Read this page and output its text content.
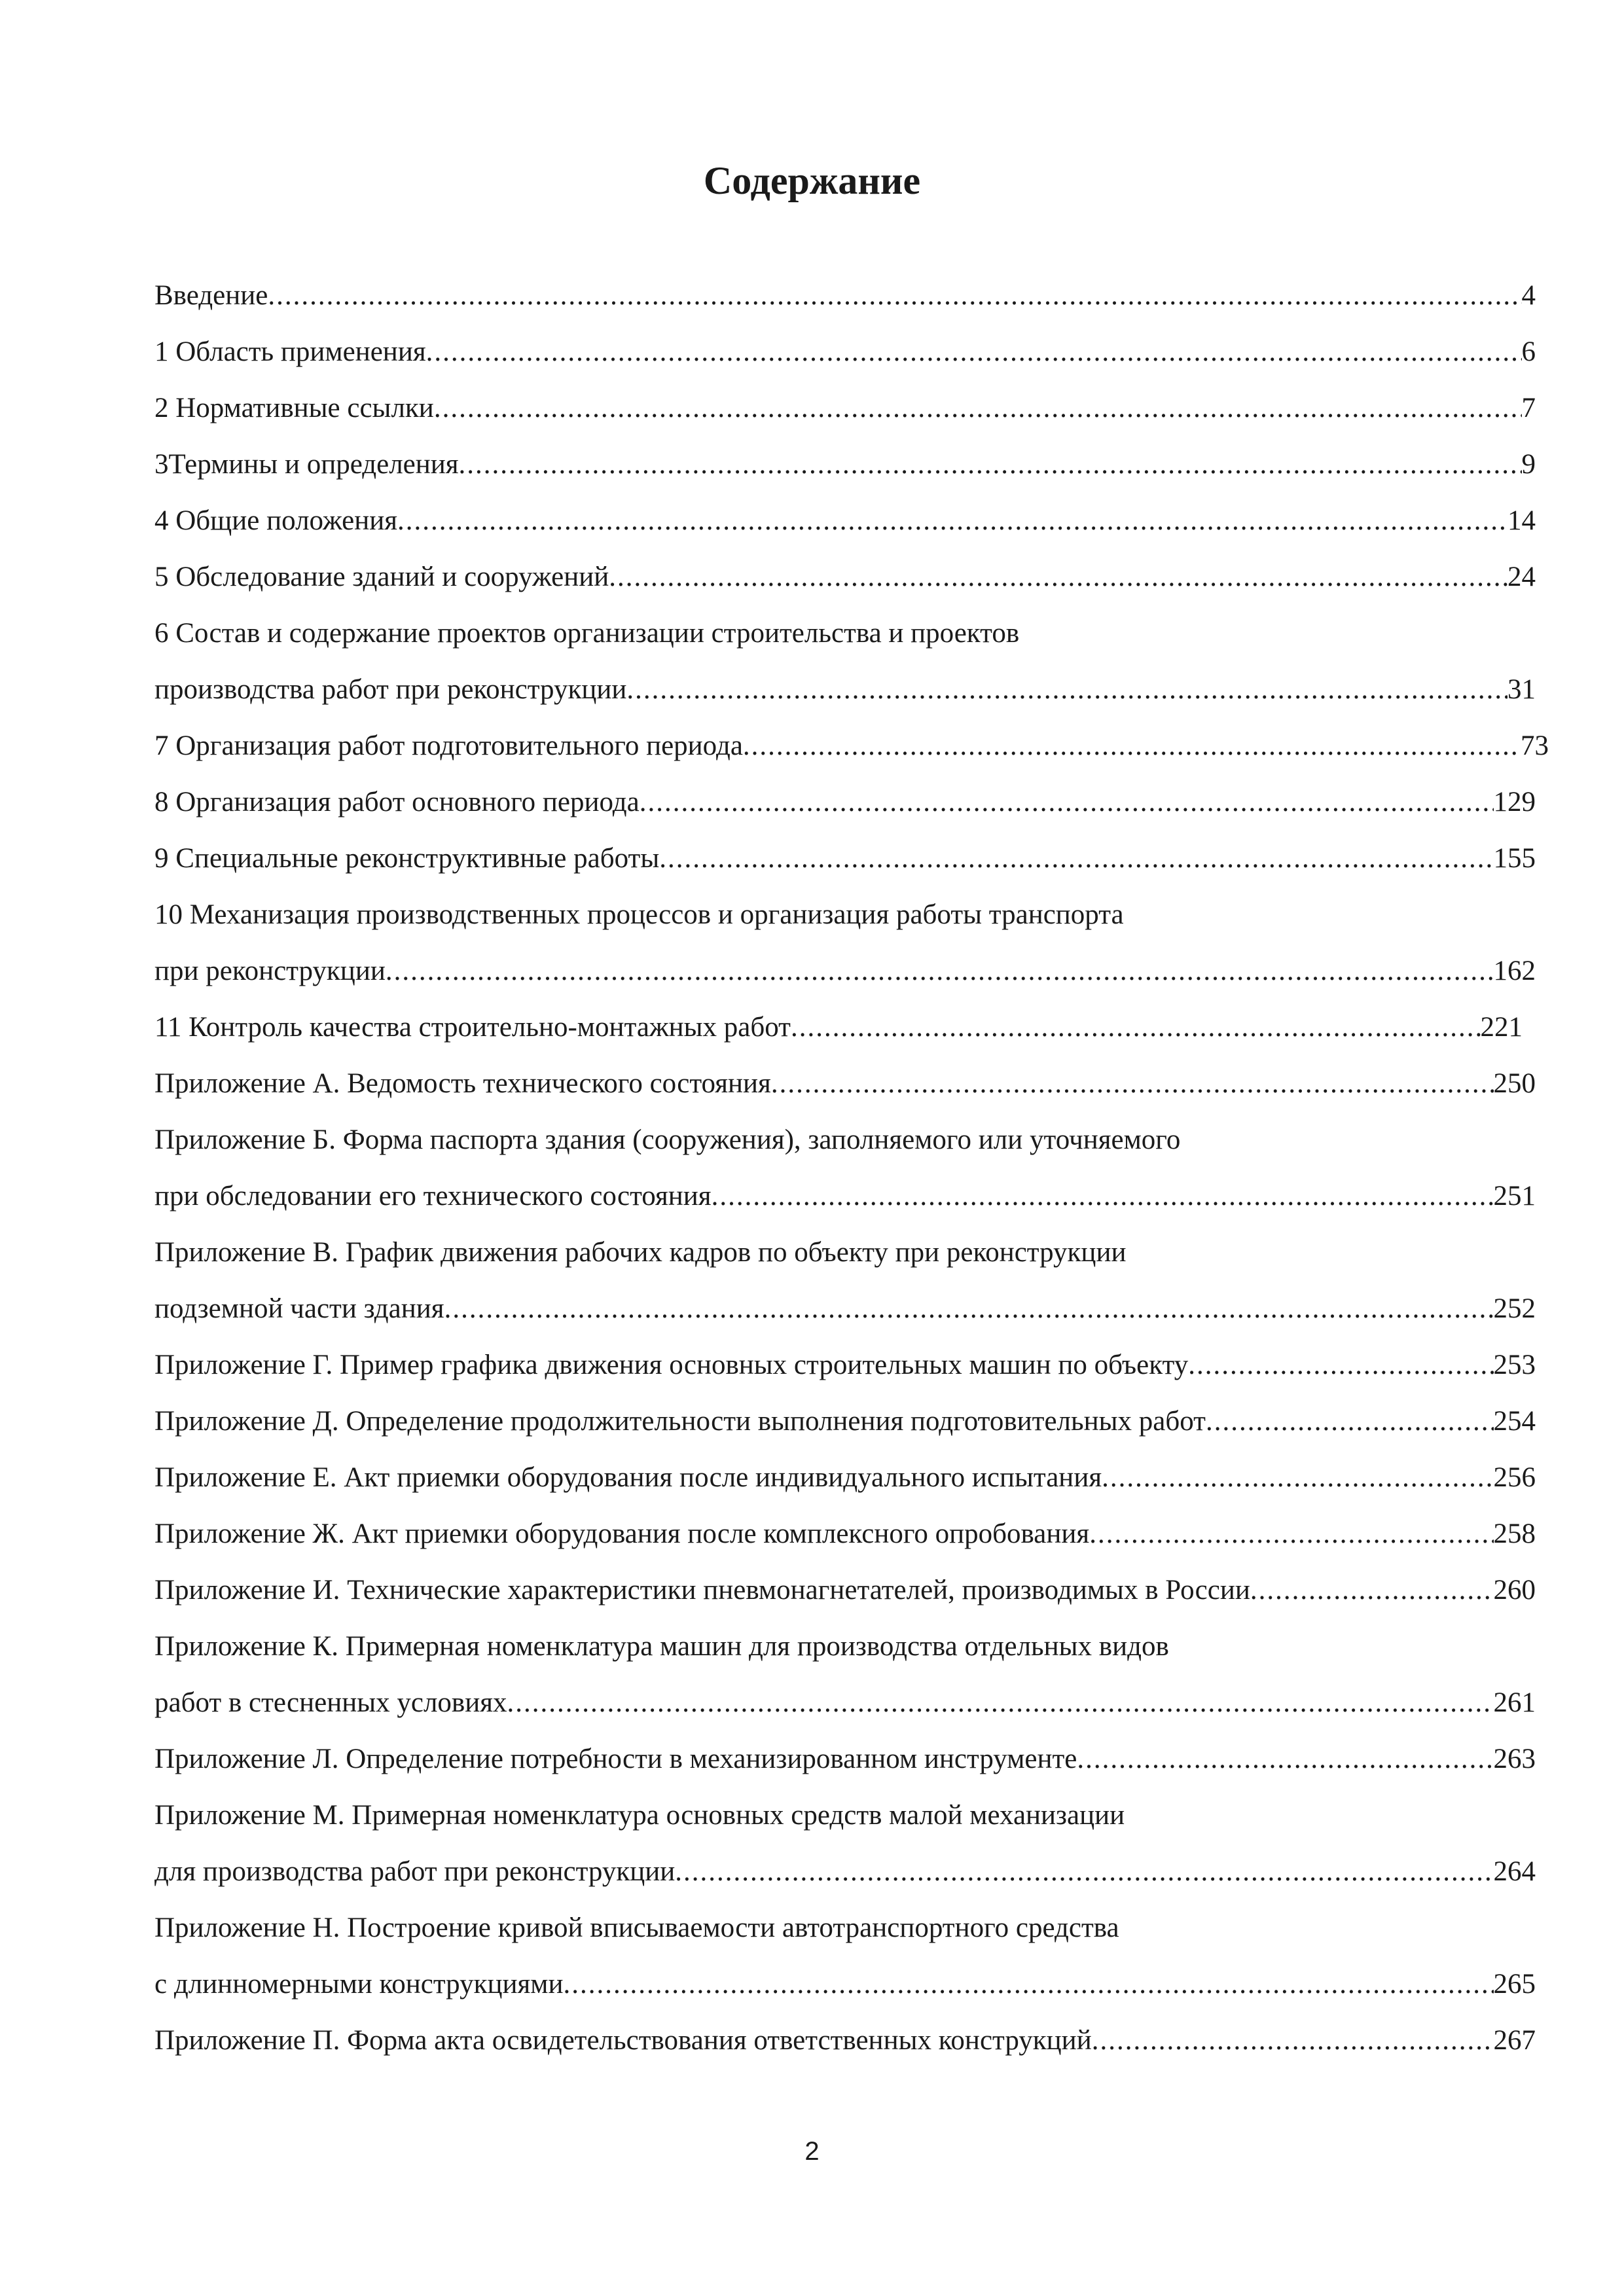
Содержание
Введение .....	4
1 Область применения .....	6
2 Нормативные ссылки .....	7
3Термины и определения .....	9
4 Общие положения .....	14
5 Обследование зданий и сооружений .....	24
6 Состав и содержание проектов организации строительства и проектов
производства работ при реконструкции .....	31
7 Организация работ подготовительного периода .....	73
8 Организация работ основного периода .....	129
9 Специальные реконструктивные работы .....	155
10 Механизация производственных процессов и организация работы транспорта
при реконструкции .....	162
11 Контроль качества строительно-монтажных работ .....	221
Приложение А. Ведомость технического состояния .....	250
Приложение Б. Форма паспорта здания (сооружения), заполняемого или уточняемого
при обследовании его технического состояния .....	251
Приложение В. График движения рабочих кадров по объекту при реконструкции
подземной части здания .....	252
Приложение Г. Пример графика движения основных строительных машин по объекту .....	253
Приложение Д. Определение продолжительности выполнения подготовительных работ .....	254
Приложение Е. Акт приемки оборудования после индивидуального испытания .....	256
Приложение Ж. Акт приемки оборудования после комплексного опробования .....	258
Приложение И. Технические характеристики пневмонагнетателей, производимых в России .....	260
Приложение К. Примерная номенклатура машин для производства отдельных видов
работ в стесненных условиях .....	261
Приложение Л. Определение потребности в механизированном инструменте .....	263
Приложение М. Примерная номенклатура основных средств малой механизации
для производства работ при реконструкции .....	264
Приложение Н. Построение кривой вписываемости автотранспортного средства
с длинномерными конструкциями .....	265
Приложение П. Форма акта освидетельствования ответственных конструкций .....	267
2
